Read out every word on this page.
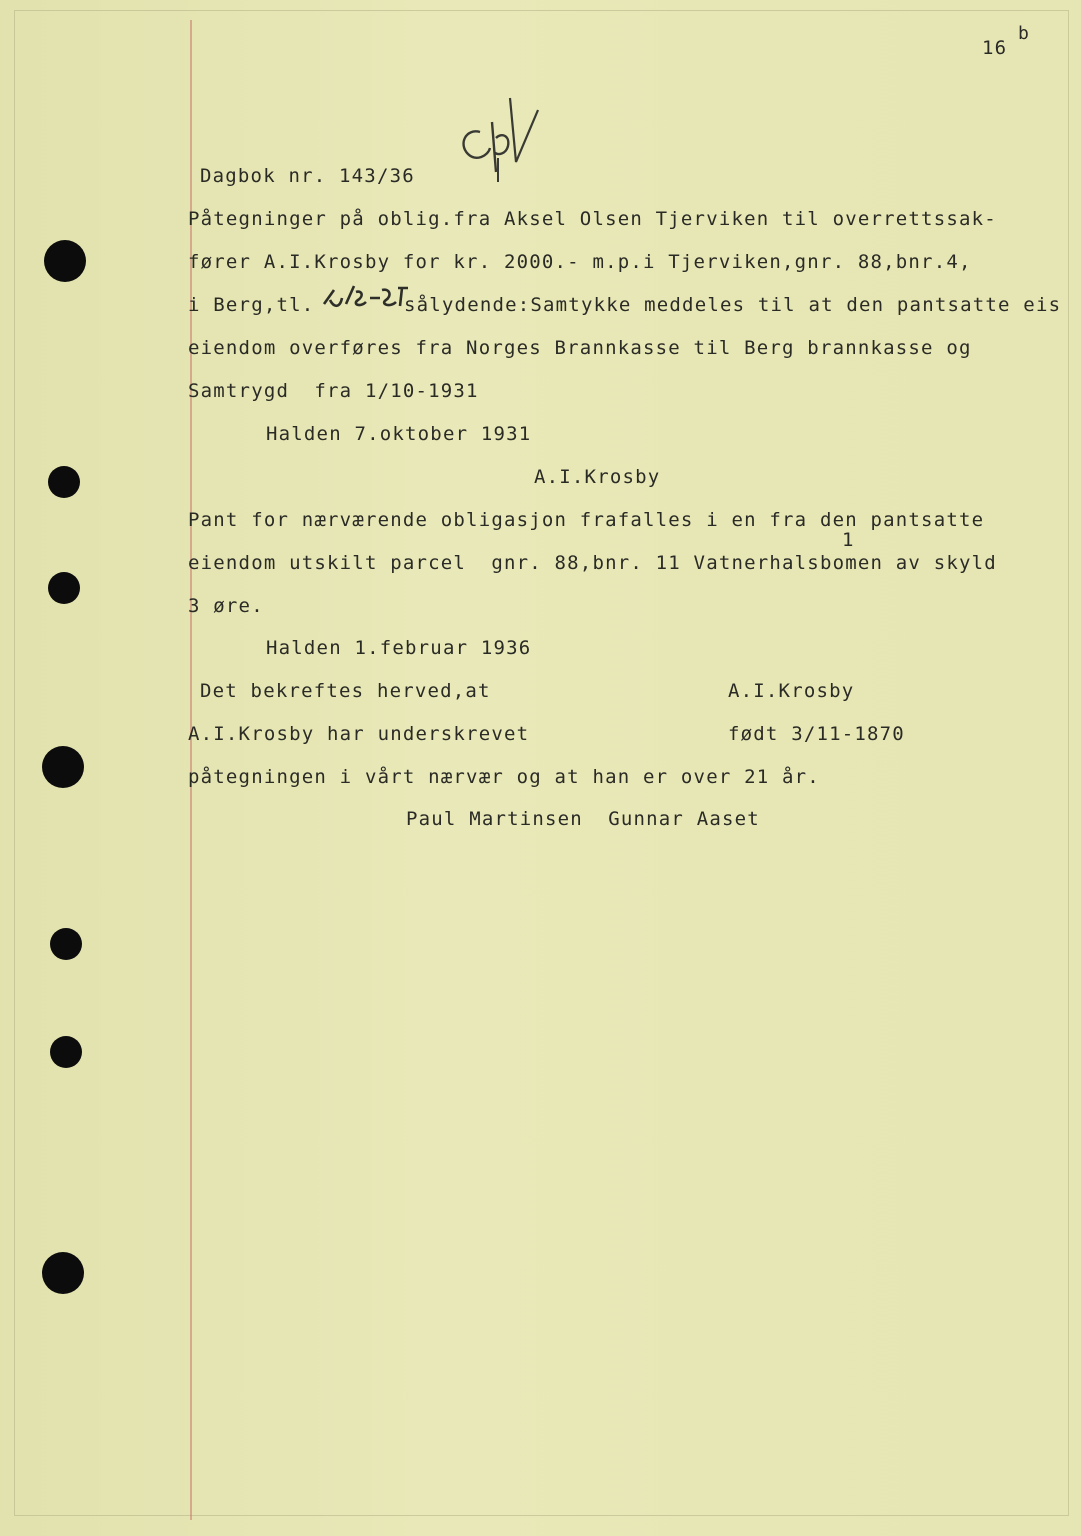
16
b
Dagbok nr. 143/36
Påtegninger på oblig.fra Aksel Olsen Tjerviken til overrettssak-
fører A.I.Krosby for kr. 2000.- m.p.i Tjerviken,gnr. 88,bnr.4,
i Berg,tl.	sålydende:Samtykke meddeles til at den pantsatte eis
eiendom overføres fra Norges Brannkasse til Berg brannkasse og
Samtrygd  fra 1/10-1931
Halden 7.oktober 1931
A.I.Krosby
Pant for nærværende obligasjon frafalles i en fra den pantsatte
1
eiendom utskilt parcel  gnr. 88,bnr. 11 Vatnerhalsbomen av skyld
3 øre.
Halden 1.februar 1936
Det bekreftes herved,at	A.I.Krosby
A.I.Krosby har underskrevet	født 3/11-1870
påtegningen i vårt nærvær og at han er over 21 år.
Paul Martinsen  Gunnar Aaset
